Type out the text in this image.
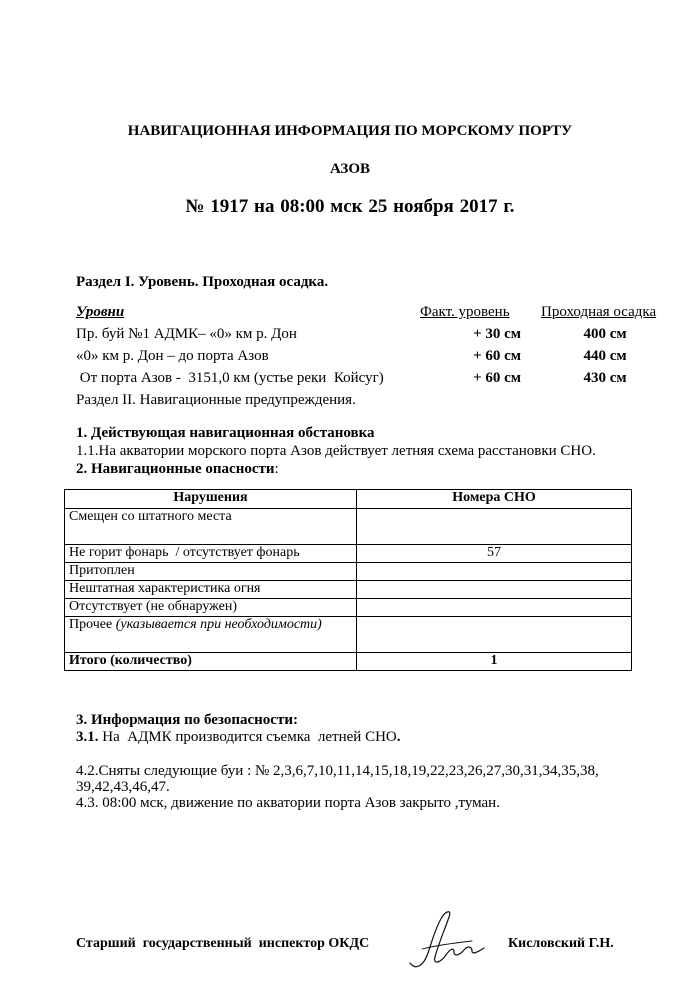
НАВИГАЦИОННАЯ ИНФОРМАЦИЯ ПО МОРСКОМУ ПОРТУ
АЗОВ
№ 1917 на 08:00 мск 25 ноября 2017 г.
Раздел I. Уровень. Проходная осадка.
Уровни	Факт. уровень Проходная осадка
Пр. буй №1 АДМК– «0» км р. Дон	+ 30 см	400 см
«0» км р. Дон – до порта Азов	+ 60 см	440 см
От порта Азов -  3151,0 км (устье реки  Койсуг)	+ 60 см	430 см
Раздел II. Навигационные предупреждения.
1. Действующая навигационная обстановка
1.1.На акватории морского порта Азов действует летняя схема расстановки СНО.
2. Навигационные опасности:
Нарушения	Номера СНО
Смещен со штатного места	
Не горит фонарь  / отсутствует фонарь	57
Притоплен	
Нештатная характеристика огня	
Отсутствует (не обнаружен)	
Прочее (указывается при необходимости)	
Итого (количество)	1
3. Информация по безопасности:
3.1. На  АДМК производится съемка  летней СНО.
4.2.Сняты следующие буи : № 2,3,6,7,10,11,14,15,18,19,22,23,26,27,30,31,34,35,38,
39,42,43,46,47.
4.3. 08:00 мск, движение по акватории порта Азов закрыто ,туман.
Старший  государственный  инспектор ОКДС	Кисловский Г.Н.
